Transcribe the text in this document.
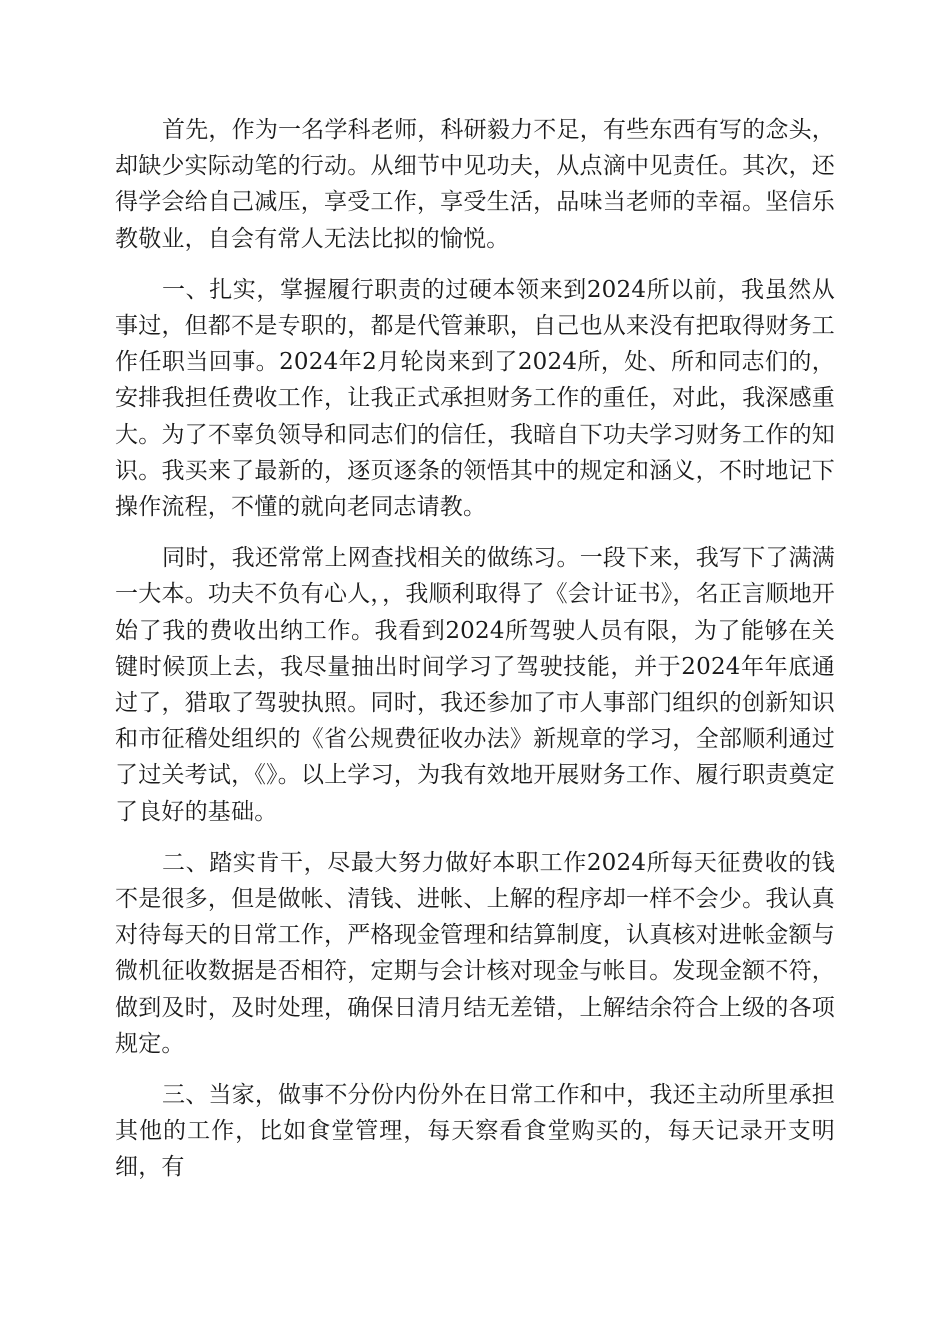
首先，作为一名学科老师，科研毅力不足，有些东西有写的念头，却缺少实际动笔的行动。从细节中见功夫，从点滴中见责任。其次，还得学会给自己减压，享受工作，享受生活，品味当老师的幸福。坚信乐教敬业，自会有常人无法比拟的愉悦。

一、扎实，掌握履行职责的过硬本领来到2024所以前，我虽然从事过，但都不是专职的，都是代管兼职，自己也从来没有把取得财务工作任职当回事。2024年2月轮岗来到了2024所，处、所和同志们的，安排我担任费收工作，让我正式承担财务工作的重任，对此，我深感重大。为了不辜负领导和同志们的信任，我暗自下功夫学习财务工作的知识。我买来了最新的，逐页逐条的领悟其中的规定和涵义，不时地记下操作流程，不懂的就向老同志请教。

同时，我还常常上网查找相关的做练习。一段下来，我写下了满满一大本。功夫不负有心人，，我顺利取得了《会计证书》，名正言顺地开始了我的费收出纳工作。我看到2024所驾驶人员有限，为了能够在关键时候顶上去，我尽量抽出时间学习了驾驶技能，并于2024年年底通过了，猎取了驾驶执照。同时，我还参加了市人事部门组织的创新知识和市征稽处组织的《省公规费征收办法》新规章的学习，全部顺利通过了过关考试，《》。以上学习，为我有效地开展财务工作、履行职责奠定了良好的基础。

二、踏实肯干，尽最大努力做好本职工作2024所每天征费收的钱不是很多，但是做帐、清钱、进帐、上解的程序却一样不会少。我认真对待每天的日常工作，严格现金管理和结算制度，认真核对进帐金额与微机征收数据是否相符，定期与会计核对现金与帐目。发现金额不符，做到及时，及时处理，确保日清月结无差错，上解结余符合上级的各项规定。

三、当家，做事不分份内份外在日常工作和中，我还主动所里承担其他的工作，比如食堂管理，每天察看食堂购买的，每天记录开支明细，有
